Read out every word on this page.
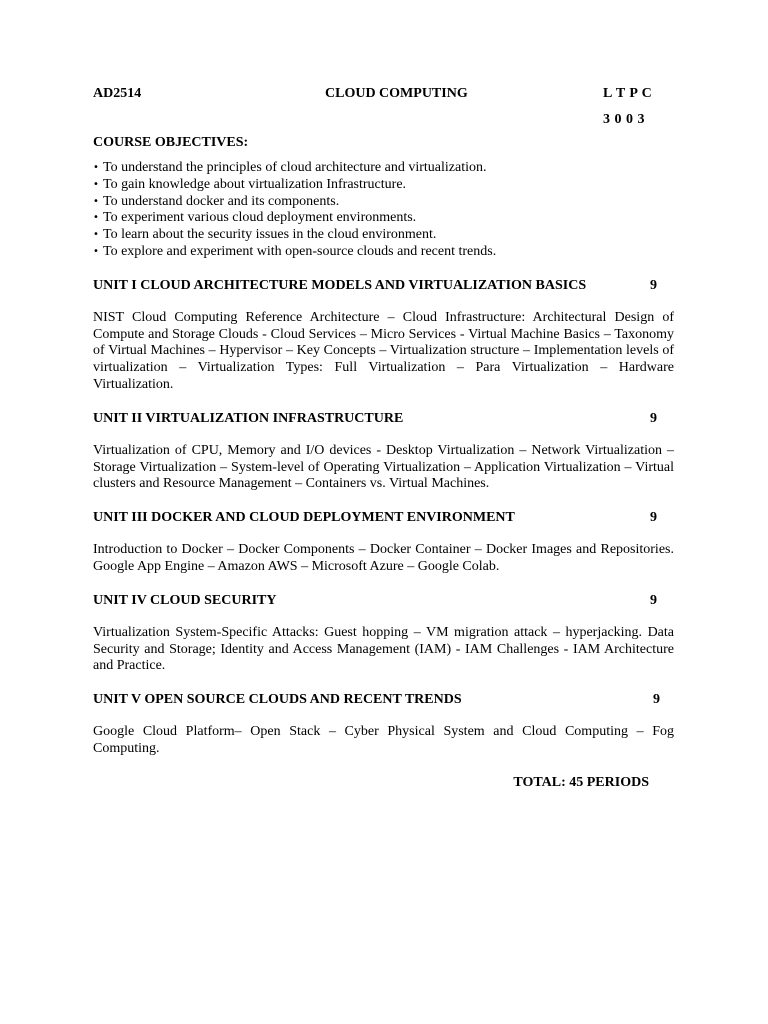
AD2514	CLOUD COMPUTING	L T P C
3 0 0 3
COURSE OBJECTIVES:
• To understand the principles of cloud architecture and virtualization.
• To gain knowledge about virtualization Infrastructure.
• To understand docker and its components.
• To experiment various cloud deployment environments.
• To learn about the security issues in the cloud environment.
• To explore and experiment with open-source clouds and recent trends.
UNIT I CLOUD ARCHITECTURE MODELS AND VIRTUALIZATION BASICS	9
NIST Cloud Computing Reference Architecture – Cloud Infrastructure: Architectural Design of Compute and Storage Clouds - Cloud Services – Micro Services - Virtual Machine Basics – Taxonomy of Virtual Machines – Hypervisor – Key Concepts – Virtualization structure – Implementation levels of virtualization – Virtualization Types: Full Virtualization – Para Virtualization – Hardware Virtualization.
UNIT II VIRTUALIZATION INFRASTRUCTURE	9
Virtualization of CPU, Memory and I/O devices - Desktop Virtualization – Network Virtualization – Storage Virtualization – System-level of Operating Virtualization – Application Virtualization – Virtual clusters and Resource Management – Containers vs. Virtual Machines.
UNIT III DOCKER AND CLOUD DEPLOYMENT ENVIRONMENT	9
Introduction to Docker – Docker Components – Docker Container – Docker Images and Repositories. Google App Engine – Amazon AWS – Microsoft Azure – Google Colab.
UNIT IV CLOUD SECURITY	9
Virtualization System-Specific Attacks: Guest hopping – VM migration attack – hyperjacking. Data Security and Storage; Identity and Access Management (IAM) - IAM Challenges - IAM Architecture and Practice.
UNIT V OPEN SOURCE CLOUDS AND RECENT TRENDS	9
Google Cloud Platform– Open Stack – Cyber Physical System and Cloud Computing – Fog Computing.
TOTAL: 45 PERIODS
